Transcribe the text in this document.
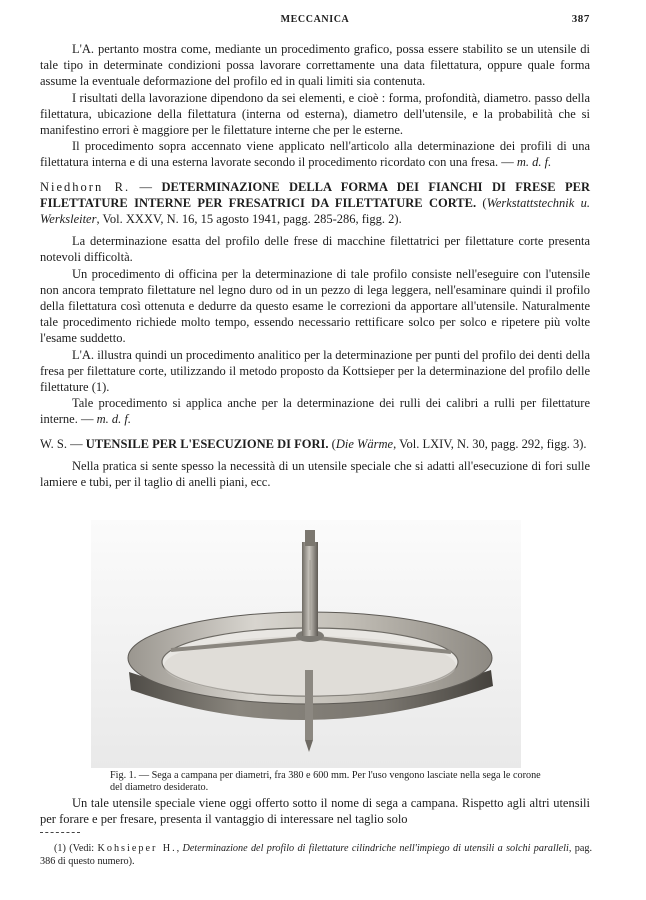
MECCANICA	387

L'A. pertanto mostra come, mediante un procedimento grafico, possa essere stabilito se un utensile di tale tipo in determinate condizioni possa lavorare correttamente una data filettatura, oppure quale forma assume la eventuale deformazione del profilo ed in quali limiti sia contenuta.

I risultati della lavorazione dipendono da sei elementi, e cioè : forma, profondità, diametro. passo della filettatura, ubicazione della filettatura (interna od esterna), diametro dell'utensile, e la probabilità che si manifestino errori è maggiore per le filettature interne che per le esterne.

Il procedimento sopra accennato viene applicato nell'articolo alla determinazione dei profili di una filettatura interna e di una esterna lavorate secondo il procedimento ricordato con una fresa. — m. d. f.

Niedhorn R. — DETERMINAZIONE DELLA FORMA DEI FIANCHI DI FRESE PER FILETTATURE INTERNE PER FRESATRICI DA FILETTATURE CORTE. (Werkstattstechnik u. Werksleiter, Vol. XXXV, N. 16, 15 agosto 1941, pagg. 285-286, figg. 2).

La determinazione esatta del profilo delle frese di macchine filettatrici per filettature corte presenta notevoli difficoltà.

Un procedimento di officina per la determinazione di tale profilo consiste nell'eseguire con l'utensile non ancora temprato filettature nel legno duro od in un pezzo di lega leggera, nell'esaminare quindi il profilo della filettatura così ottenuta e dedurre da questo esame le correzioni da apportare all'utensile. Naturalmente tale procedimento richiede molto tempo, essendo necessario rettificare solco per solco e ripetere più volte l'esame suddetto.

L'A. illustra quindi un procedimento analitico per la determinazione per punti del profilo dei denti della fresa per filettature corte, utilizzando il metodo proposto da Kottsieper per la determinazione del profilo delle filettature (1).

Tale procedimento si applica anche per la determinazione dei rulli dei calibri a rulli per filettature interne. — m. d. f.

W. S. — UTENSILE PER L'ESECUZIONE DI FORI. (Die Wärme, Vol. LXIV, N. 30, pagg. 292, figg. 3).

Nella pratica si sente spesso la necessità di un utensile speciale che si adatti all'esecuzione di fori sulle lamiere e tubi, per il taglio di anelli piani, ecc.

Fig. 1. — Sega a campana per diametri, fra 380 e 600 mm. Per l'uso vengono lasciate nella sega le corone del diametro desiderato.

Un tale utensile speciale viene oggi offerto sotto il nome di sega a campana. Rispetto agli altri utensili per forare e per fresare, presenta il vantaggio di interessare nel taglio solo

(1) (Vedi: Kohsieper H., Determinazione del profilo di filettature cilindriche nell'impiego di utensili a solchi paralleli, pag. 386 di questo numero).
